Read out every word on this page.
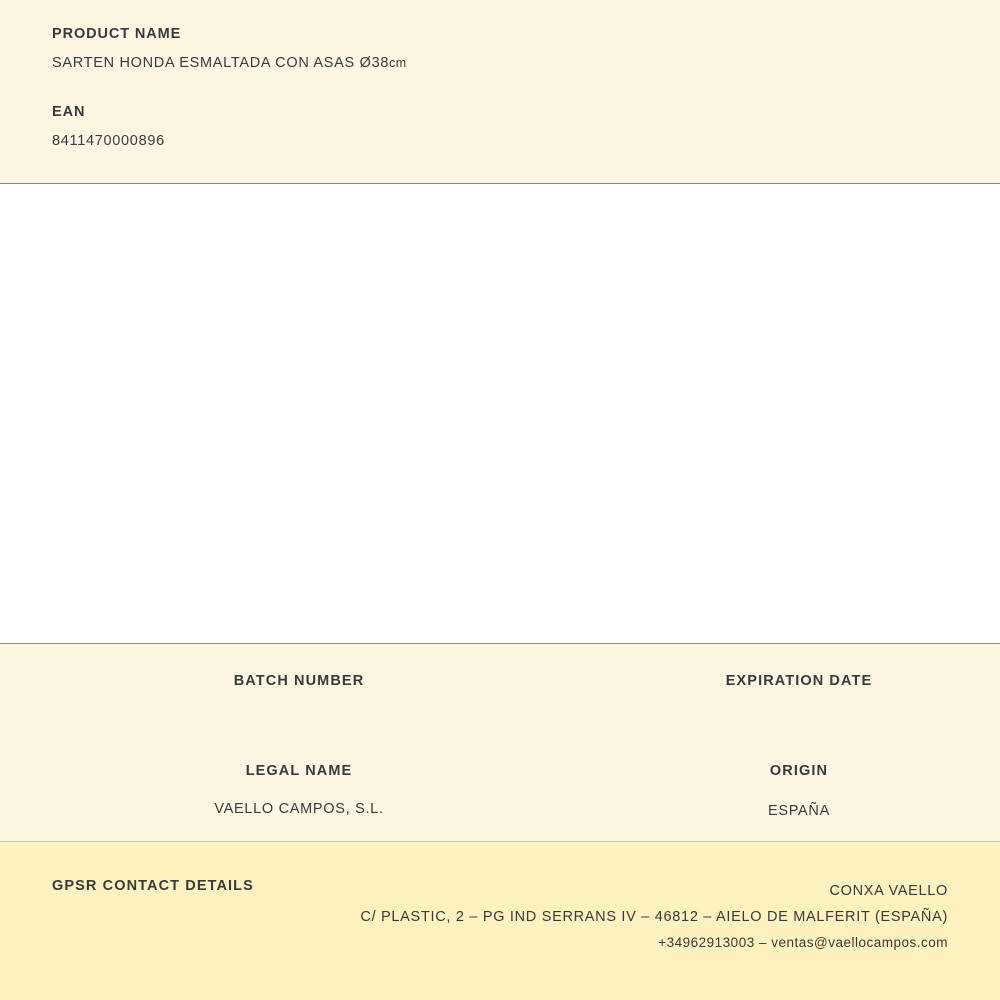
PRODUCT NAME
SARTEN HONDA ESMALTADA CON ASAS Ø38cm
EAN
8411470000896
BATCH NUMBER	EXPIRATION DATE
LEGAL NAME
VAELLO CAMPOS, S.L.
ORIGIN
ESPAÑA
GPSR CONTACT DETAILS	CONXA VAELLO
C/ PLASTIC, 2 – PG IND SERRANS IV – 46812 – AIELO DE MALFERIT (ESPAÑA)
+34962913003 – ventas@vaellocampos.com
